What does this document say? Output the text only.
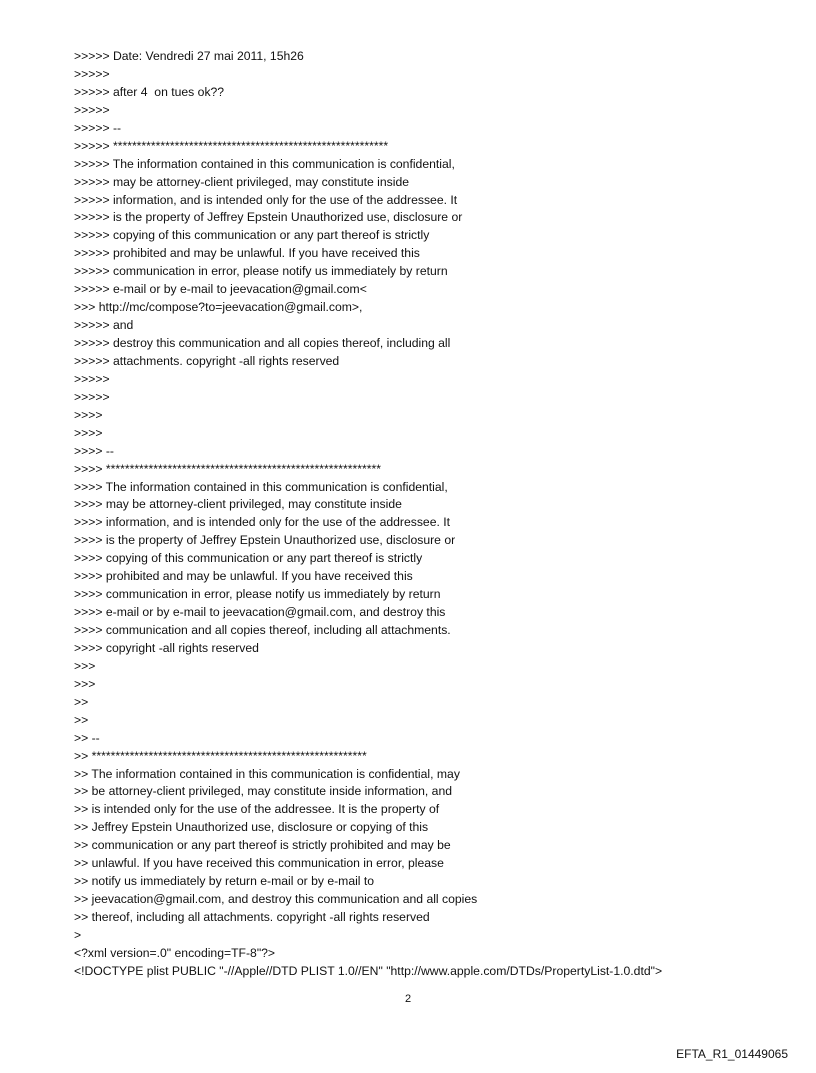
>>>>> Date: Vendredi 27 mai 2011, 15h26
>>>>>
>>>>> after 4  on tues ok??
>>>>>
>>>>> --
>>>>> **********************************************************
>>>>> The information contained in this communication is confidential,
>>>>> may be attorney-client privileged, may constitute inside
>>>>> information, and is intended only for the use of the addressee. It
>>>>> is the property of Jeffrey Epstein Unauthorized use, disclosure or
>>>>> copying of this communication or any part thereof is strictly
>>>>> prohibited and may be unlawful. If you have received this
>>>>> communication in error, please notify us immediately by return
>>>>> e-mail or by e-mail to jeevacation@gmail.com<
>>> http://mc/compose?to=jeevacation@gmail.com>,
>>>>> and
>>>>> destroy this communication and all copies thereof, including all
>>>>> attachments. copyright -all rights reserved
>>>>>
>>>>>
>>>>
>>>>
>>>> --
>>>> **********************************************************
>>>> The information contained in this communication is confidential,
>>>> may be attorney-client privileged, may constitute inside
>>>> information, and is intended only for the use of the addressee. It
>>>> is the property of Jeffrey Epstein Unauthorized use, disclosure or
>>>> copying of this communication or any part thereof is strictly
>>>> prohibited and may be unlawful. If you have received this
>>>> communication in error, please notify us immediately by return
>>>> e-mail or by e-mail to jeevacation@gmail.com, and destroy this
>>>> communication and all copies thereof, including all attachments.
>>>> copyright -all rights reserved
>>>
>>>
>>
>>
>> --
>> **********************************************************
>> The information contained in this communication is confidential, may
>> be attorney-client privileged, may constitute inside information, and
>> is intended only for the use of the addressee. It is the property of
>> Jeffrey Epstein Unauthorized use, disclosure or copying of this
>> communication or any part thereof is strictly prohibited and may be
>> unlawful. If you have received this communication in error, please
>> notify us immediately by return e-mail or by e-mail to
>> jeevacation@gmail.com, and destroy this communication and all copies
>> thereof, including all attachments. copyright -all rights reserved
>
<?xml version=.0" encoding=TF-8"?>
<!DOCTYPE plist PUBLIC "-//Apple//DTD PLIST 1.0//EN" "http://www.apple.com/DTDs/PropertyList-1.0.dtd">
2
EFTA_R1_01449065
